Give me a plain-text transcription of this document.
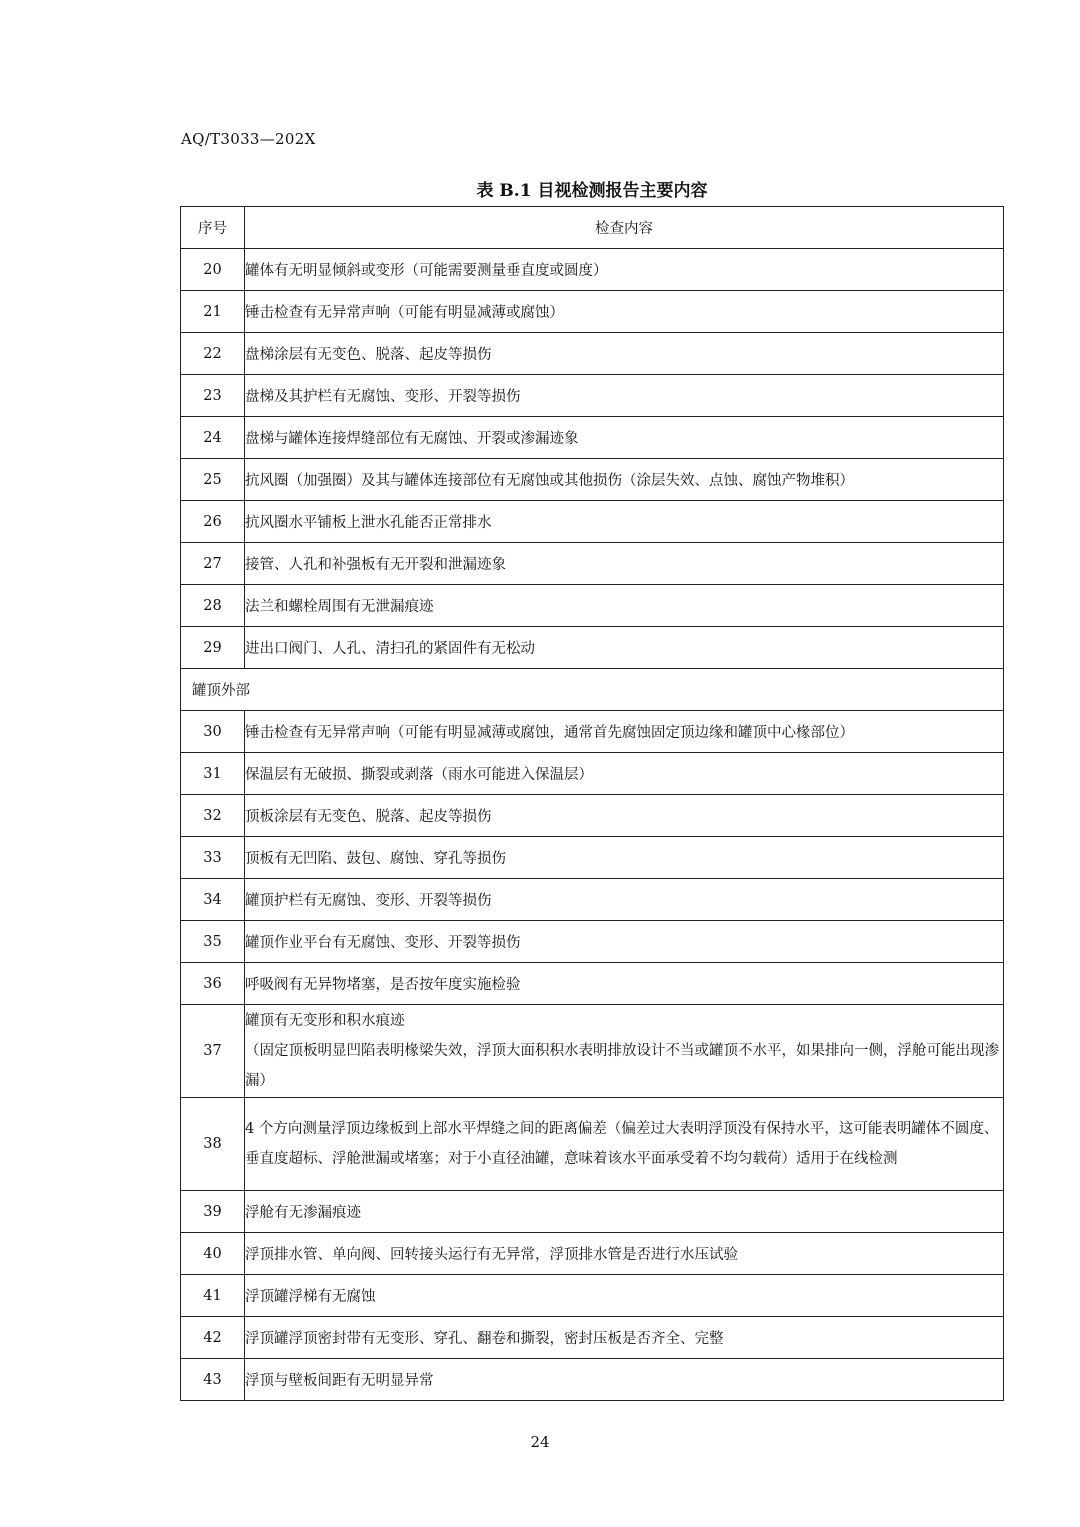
AQ/T3033—202X
表 B.1 目视检测报告主要内容
序号	检查内容
20	罐体有无明显倾斜或变形（可能需要测量垂直度或圆度）
21	锤击检查有无异常声响（可能有明显减薄或腐蚀）
22	盘梯涂层有无变色、脱落、起皮等损伤
23	盘梯及其护栏有无腐蚀、变形、开裂等损伤
24	盘梯与罐体连接焊缝部位有无腐蚀、开裂或渗漏迹象
25	抗风圈（加强圈）及其与罐体连接部位有无腐蚀或其他损伤（涂层失效、点蚀、腐蚀产物堆积）
26	抗风圈水平铺板上泄水孔能否正常排水
27	接管、人孔和补强板有无开裂和泄漏迹象
28	法兰和螺栓周围有无泄漏痕迹
29	进出口阀门、人孔、清扫孔的紧固件有无松动
罐顶外部	
30	锤击检查有无异常声响（可能有明显减薄或腐蚀，通常首先腐蚀固定顶边缘和罐顶中心椽部位）
31	保温层有无破损、撕裂或剥落（雨水可能进入保温层）
32	顶板涂层有无变色、脱落、起皮等损伤
33	顶板有无凹陷、鼓包、腐蚀、穿孔等损伤
34	罐顶护栏有无腐蚀、变形、开裂等损伤
35	罐顶作业平台有无腐蚀、变形、开裂等损伤
36	呼吸阀有无异物堵塞，是否按年度实施检验
37	罐顶有无变形和积水痕迹
（固定顶板明显凹陷表明椽梁失效，浮顶大面积积水表明排放设计不当或罐顶不水平，如果排向一侧，浮舱可能出现渗漏）

38	4 个方向测量浮顶边缘板到上部水平焊缝之间的距离偏差（偏差过大表明浮顶没有保持水平，这可能表明罐体不圆度、垂直度超标、浮舱泄漏或堵塞；对于小直径油罐，意味着该水平面承受着不均匀载荷）适用于在线检测
39	浮舱有无渗漏痕迹
40	浮顶排水管、单向阀、回转接头运行有无异常，浮顶排水管是否进行水压试验
41	浮顶罐浮梯有无腐蚀
42	浮顶罐浮顶密封带有无变形、穿孔、翻卷和撕裂，密封压板是否齐全、完整
43	浮顶与壁板间距有无明显异常
24
